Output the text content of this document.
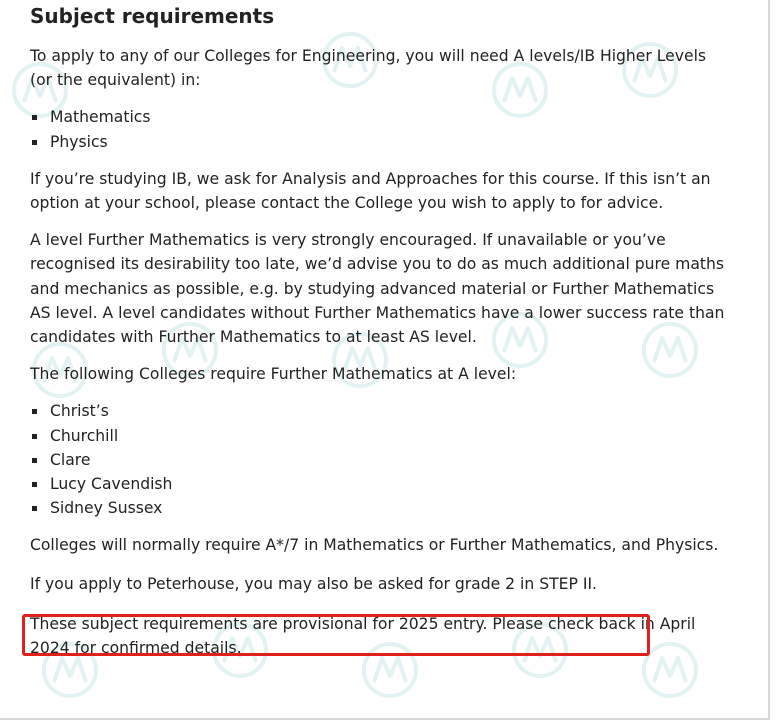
Subject requirements

To apply to any of our Colleges for Engineering, you will need A levels/IB Higher Levels (or the equivalent) in:

Mathematics
Physics

If you’re studying IB, we ask for Analysis and Approaches for this course. If this isn’t an option at your school, please contact the College you wish to apply to for advice.

A level Further Mathematics is very strongly encouraged. If unavailable or you’ve recognised its desirability too late, we’d advise you to do as much additional pure maths and mechanics as possible, e.g. by studying advanced material or Further Mathematics AS level. A level candidates without Further Mathematics have a lower success rate than candidates with Further Mathematics to at least AS level.

The following Colleges require Further Mathematics at A level:

Christ’s
Churchill
Clare
Lucy Cavendish
Sidney Sussex

Colleges will normally require A*/7 in Mathematics or Further Mathematics, and Physics.

If you apply to Peterhouse, you may also be asked for grade 2 in STEP II.

These subject requirements are provisional for 2025 entry. Please check back in April 2024 for confirmed details.
